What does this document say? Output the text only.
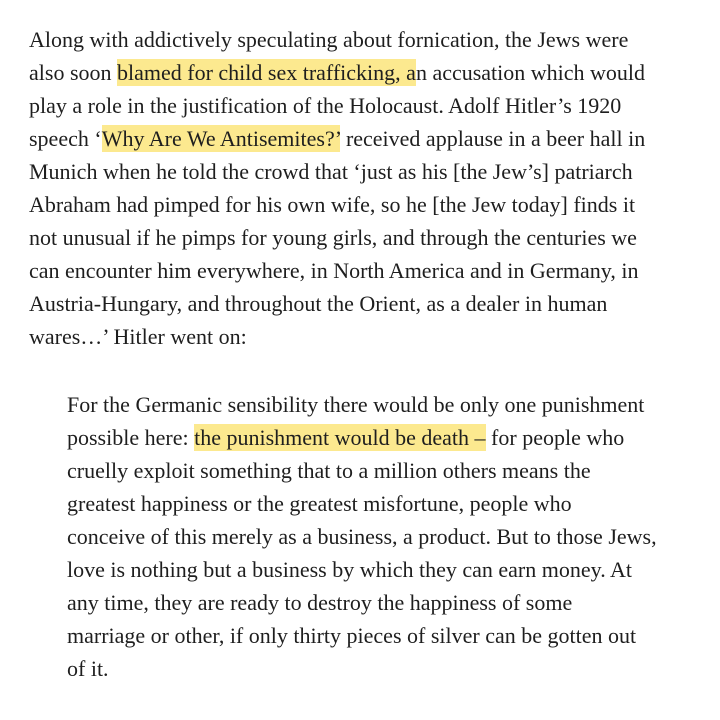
Along with addictively speculating about fornication, the Jews were
also soon blamed for child sex trafficking, an accusation which would
play a role in the justification of the Holocaust. Adolf Hitler’s 1920
speech ‘Why Are We Antisemites?’ received applause in a beer hall in
Munich when he told the crowd that ‘just as his [the Jew’s] patriarch
Abraham had pimped for his own wife, so he [the Jew today] finds it
not unusual if he pimps for young girls, and through the centuries we
can encounter him everywhere, in North America and in Germany, in
Austria-Hungary, and throughout the Orient, as a dealer in human
wares…’ Hitler went on:
For the Germanic sensibility there would be only one punishment
possible here: the punishment would be death – for people who
cruelly exploit something that to a million others means the
greatest happiness or the greatest misfortune, people who
conceive of this merely as a business, a product. But to those Jews,
love is nothing but a business by which they can earn money. At
any time, they are ready to destroy the happiness of some
marriage or other, if only thirty pieces of silver can be gotten out
of it.
